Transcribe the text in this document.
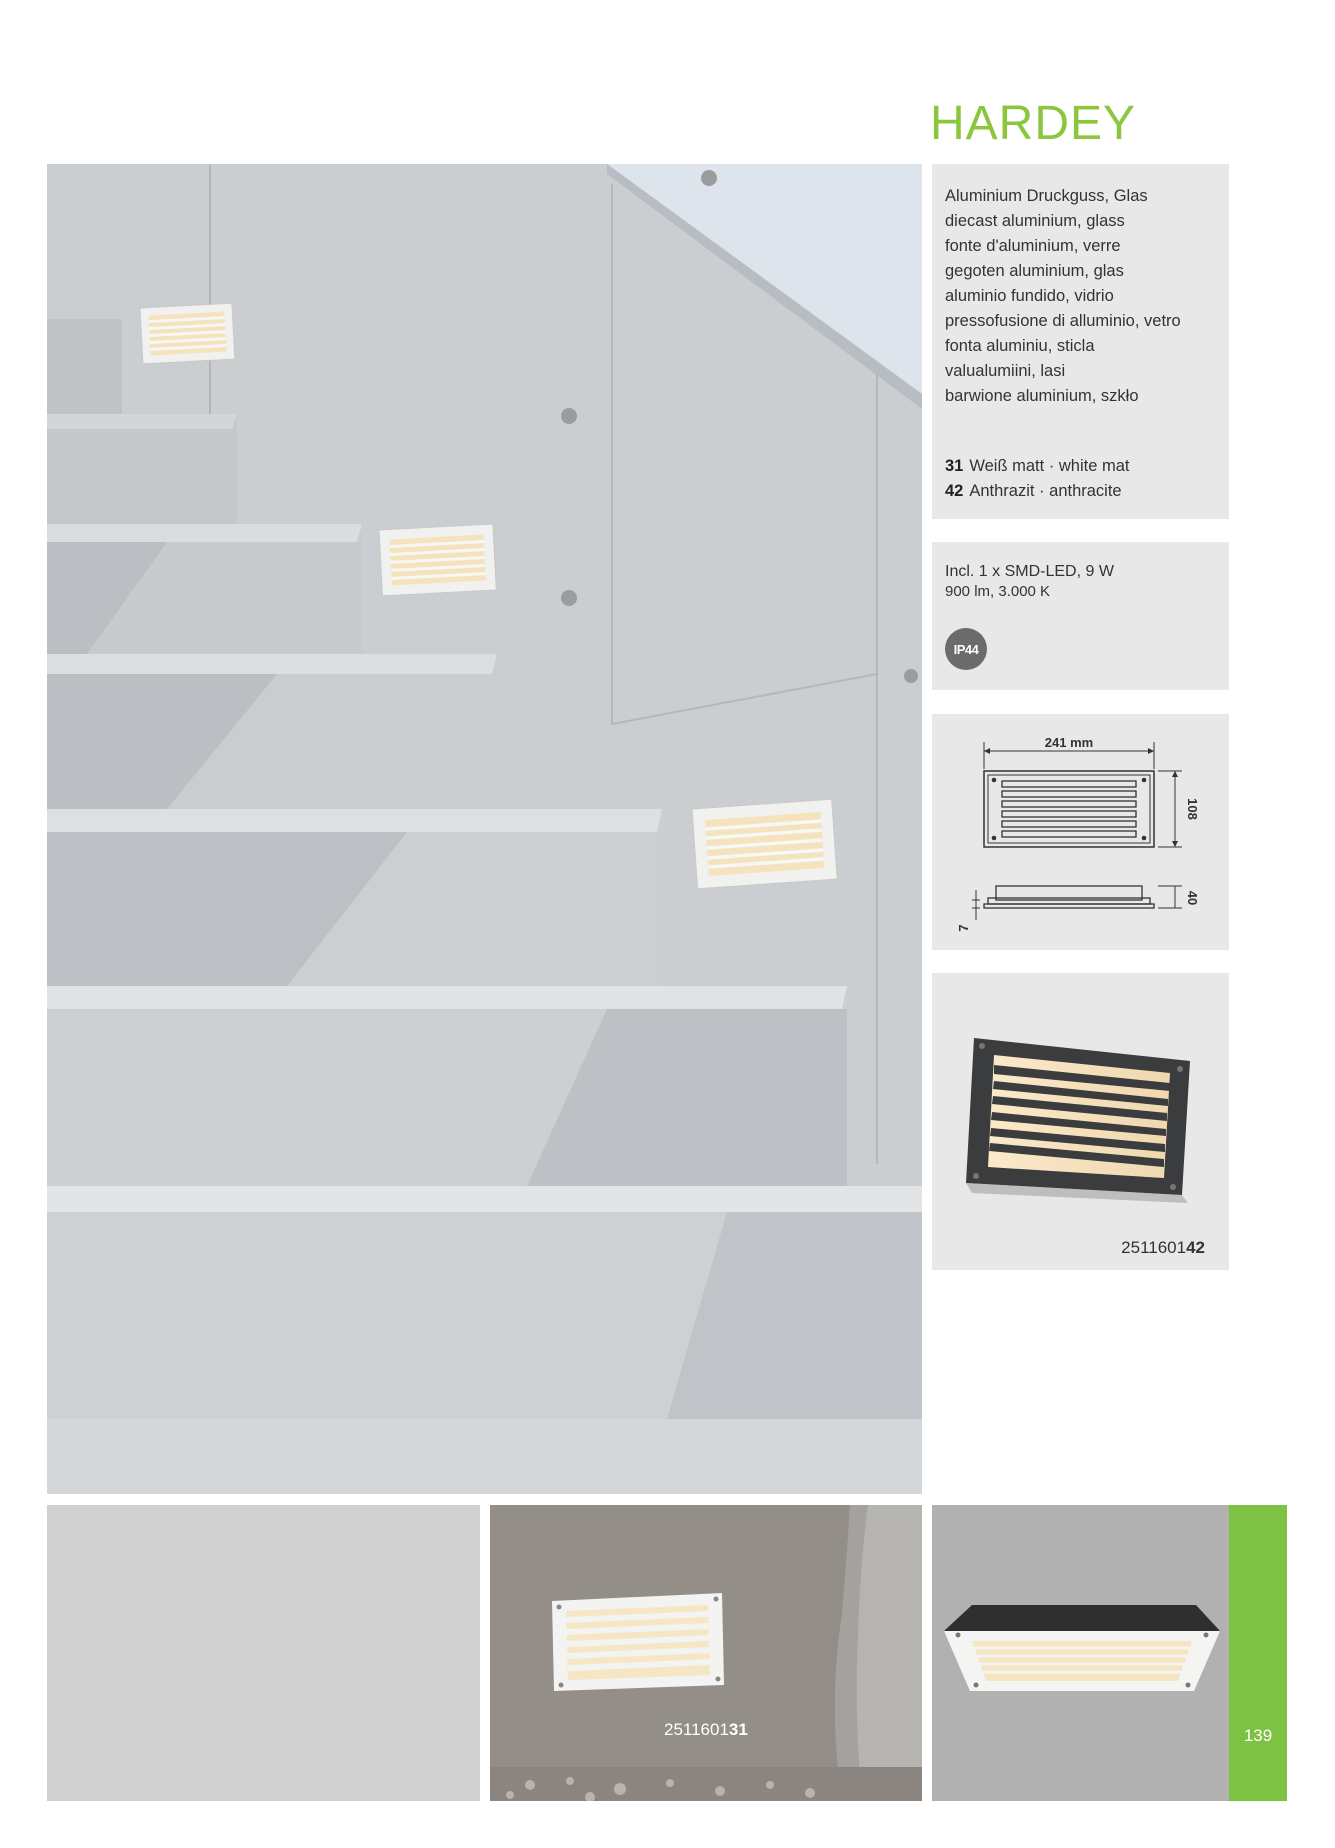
HARDEY
Aluminium Druckguss, Glas
diecast aluminium, glass
fonte d'aluminium, verre
gegoten aluminium, glas
aluminio fundido, vidrio
pressofusione di alluminio, vetro
fonta aluminiu, sticla
valualumiini, lasi
barwione aluminium, szkło
31 Weiß matt · white mat
42 Anthrazit · anthracite
Incl. 1 x SMD-LED, 9 W
900 lm, 3.000 K
IP44
241 mm
108
40
7
251160142
251160131	139
